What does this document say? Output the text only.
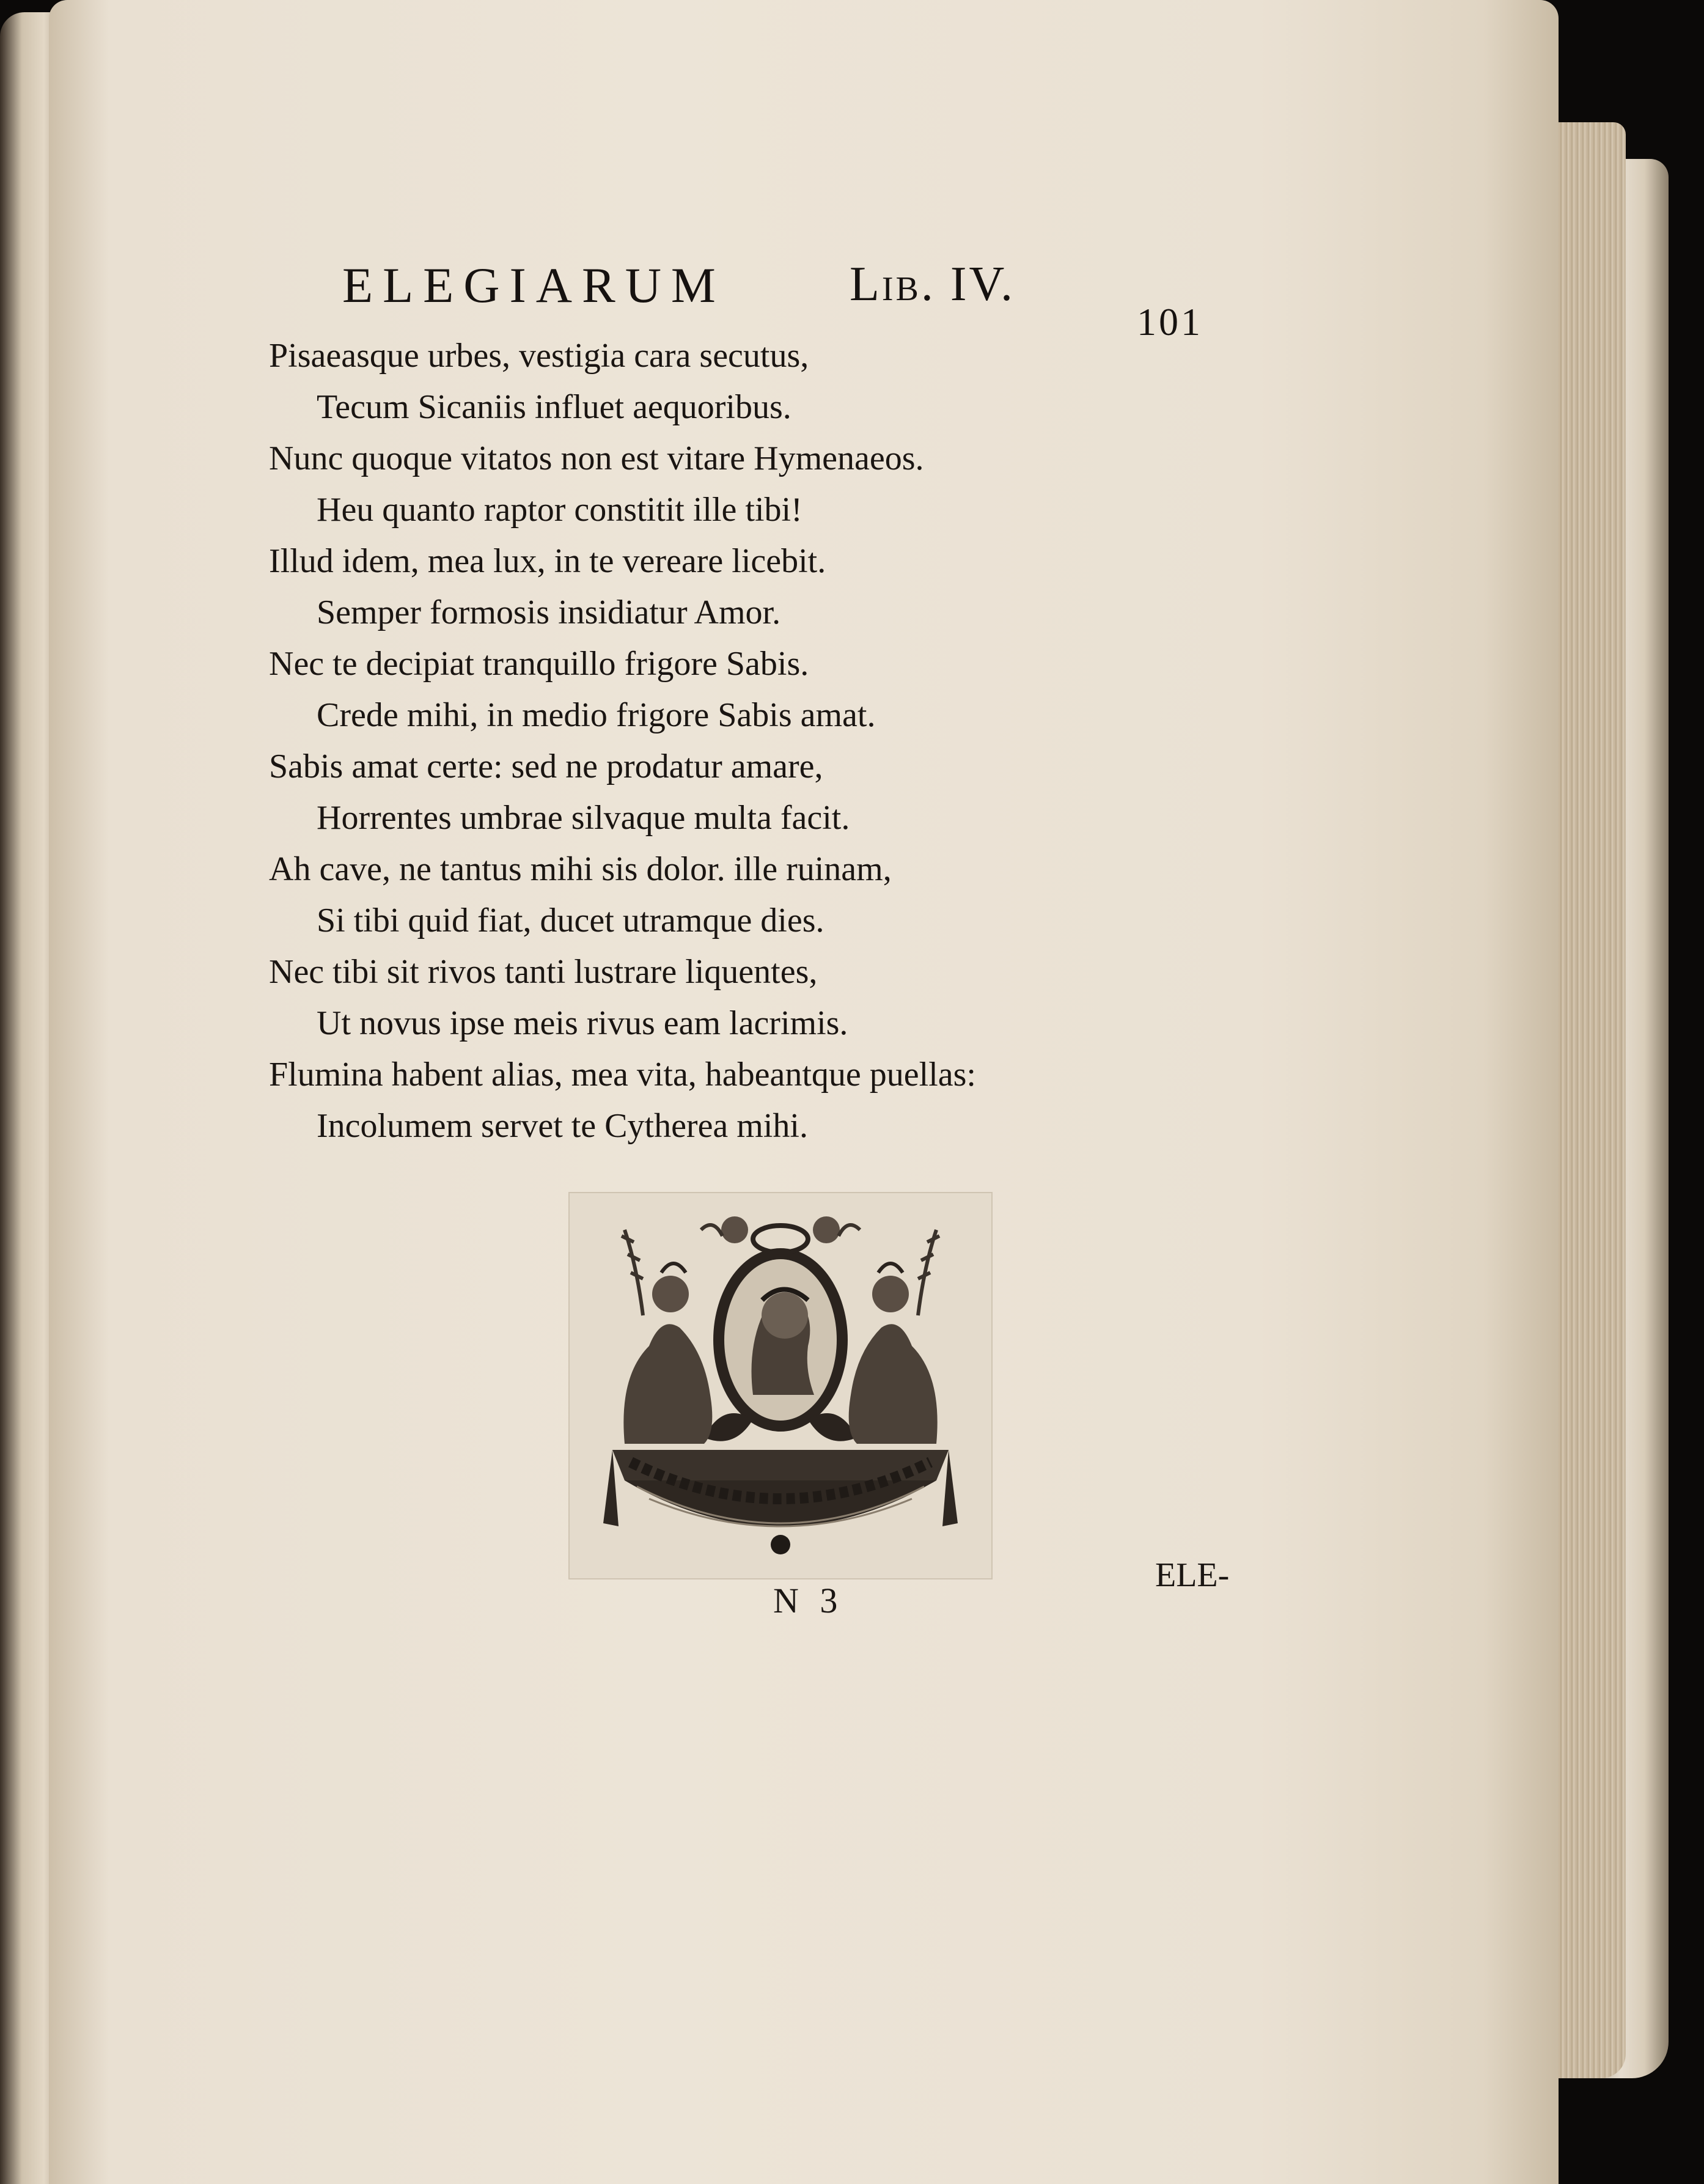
ELEGIARUM	Lib. IV.
101
Pisaeasque urbes, vestigia cara secutus,
Tecum Sicaniis influet aequoribus.
Nunc quoque vitatos non est vitare Hymenaeos.
Heu quanto raptor constitit ille tibi!
Illud idem, mea lux, in te vereare licebit.
Semper formosis insidiatur Amor.
Nec te decipiat tranquillo frigore Sabis.
Crede mihi, in medio frigore Sabis amat.
Sabis amat certe: sed ne prodatur amare,
Horrentes umbrae silvaque multa facit.
Ah cave, ne tantus mihi sis dolor. ille ruinam,
Si tibi quid fiat, ducet utramque dies.
Nec tibi sit rivos tanti lustrare liquentes,
Ut novus ipse meis rivus eam lacrimis.
Flumina habent alias, mea vita, habeantque puellas:
Incolumem servet te Cytherea mihi.
N 3
ELE-
